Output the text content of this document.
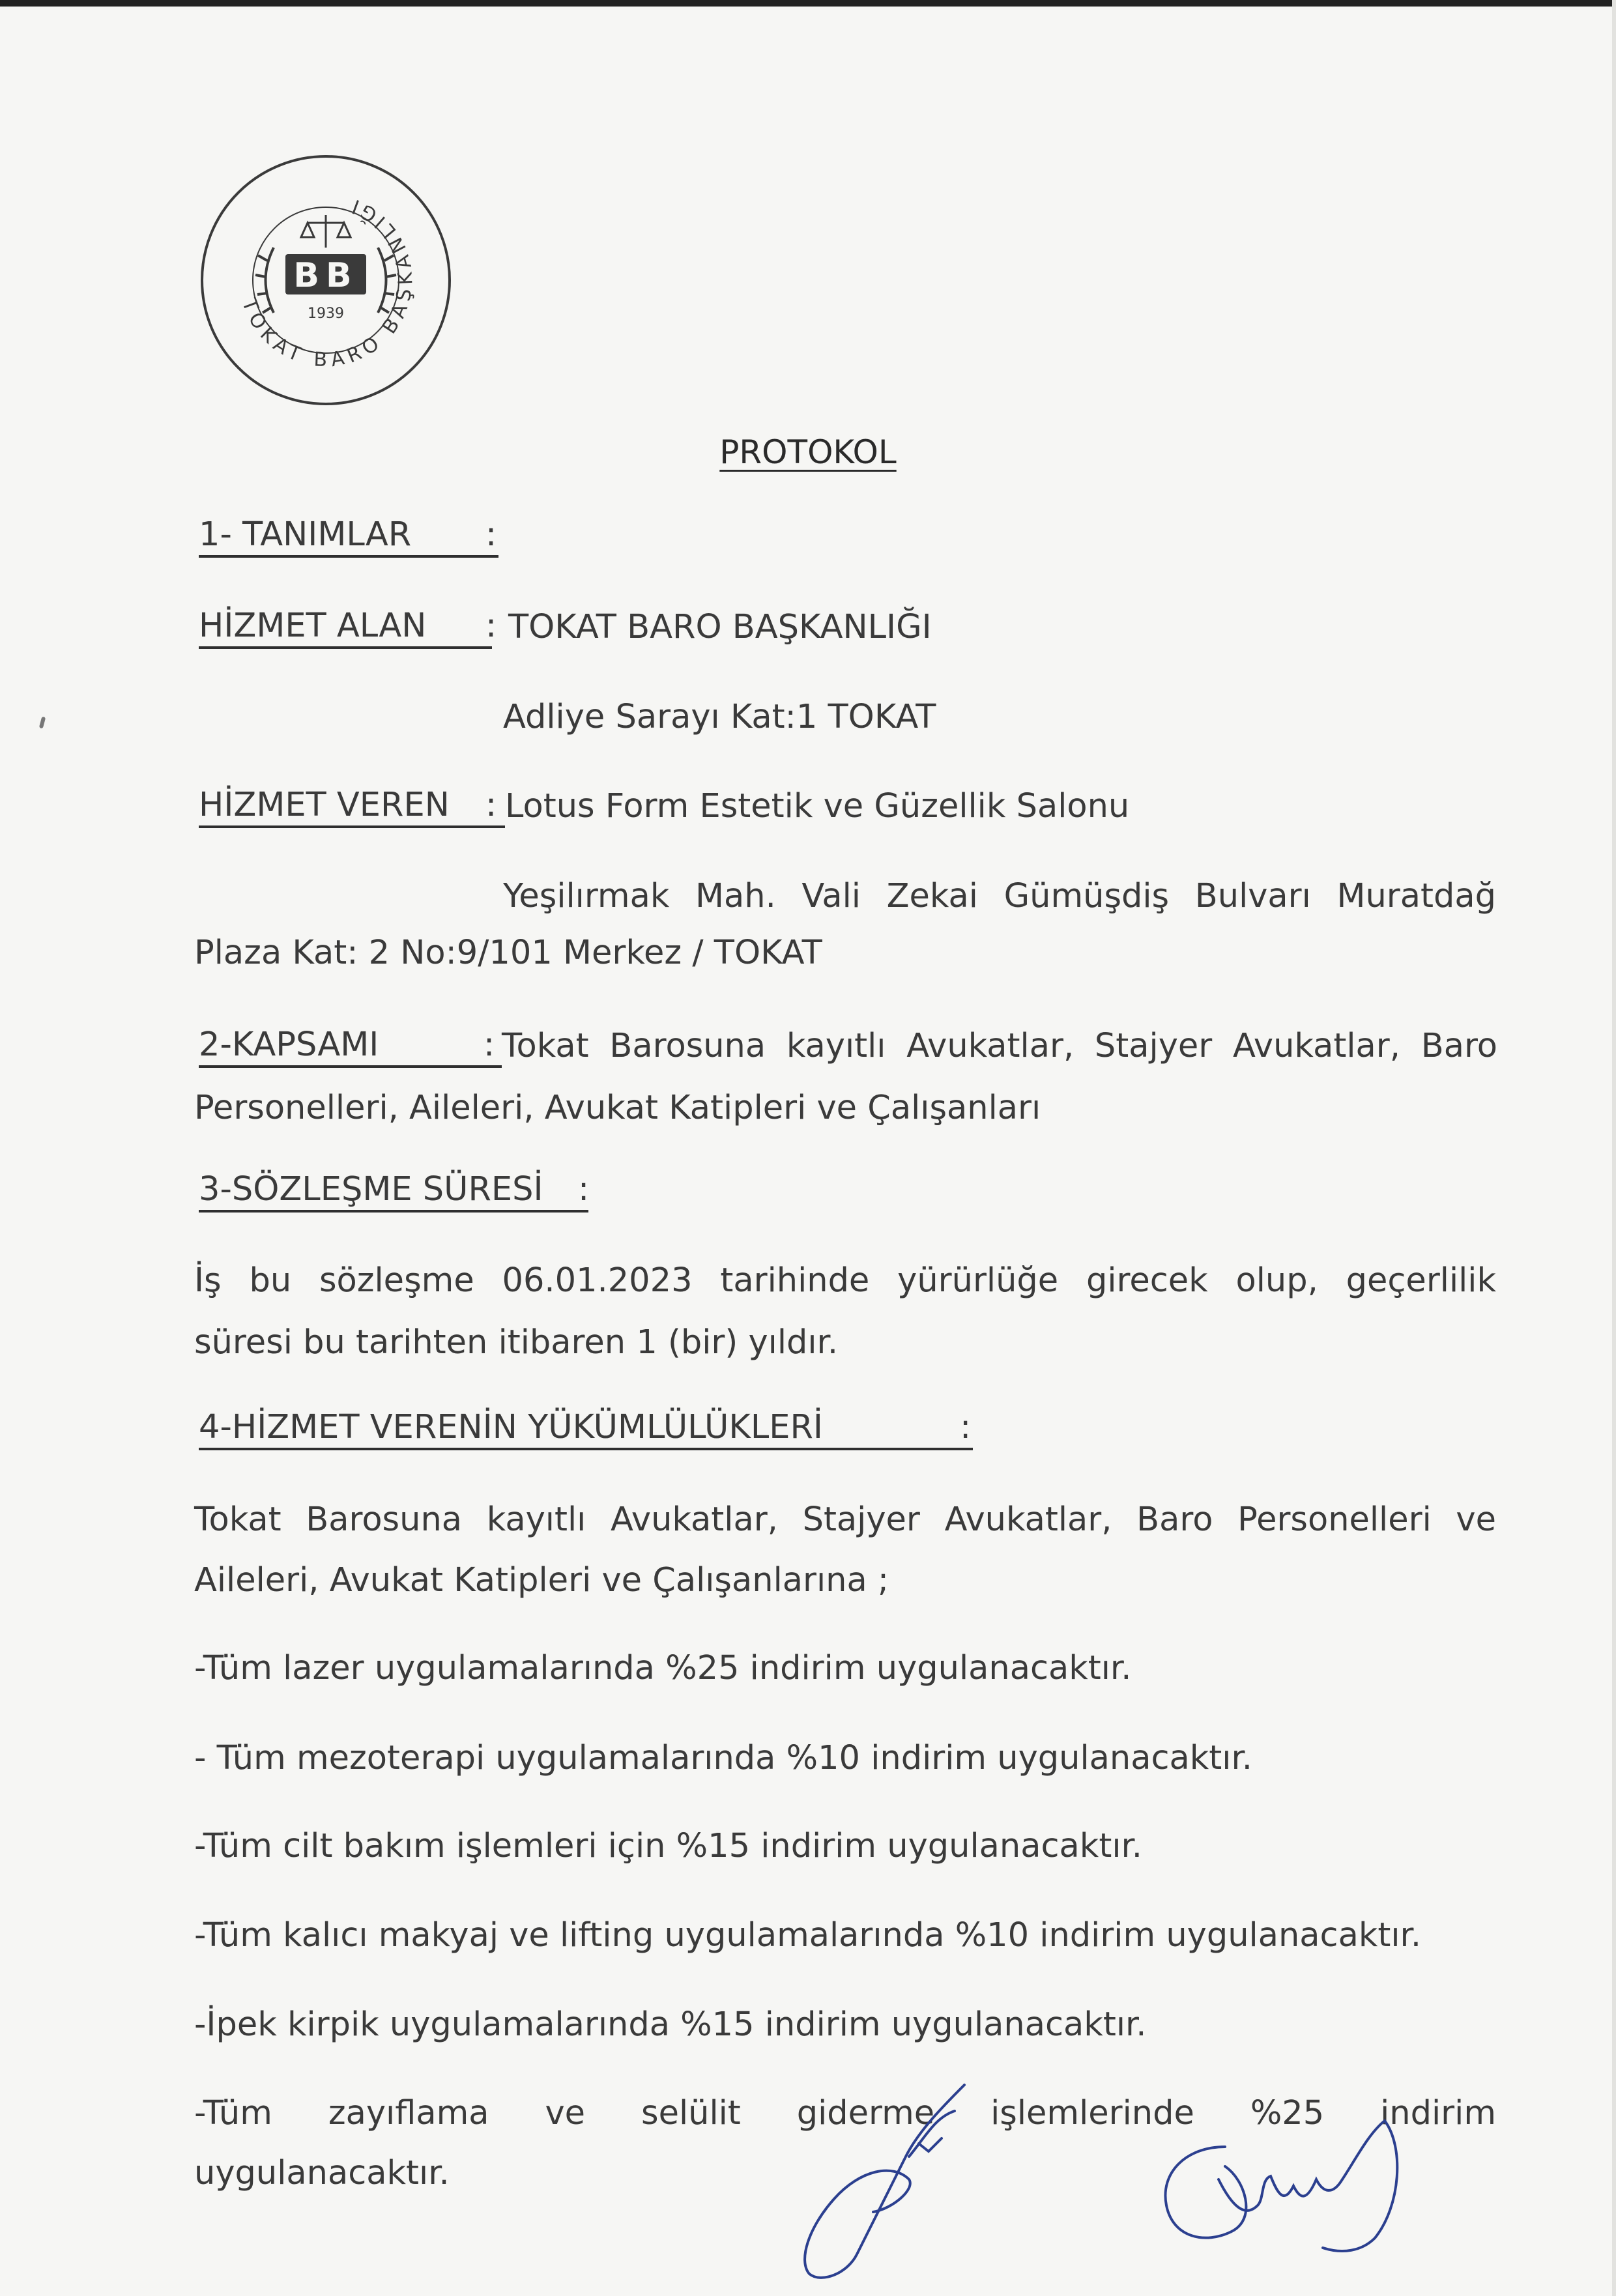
TOKAT BARO BAŞKANLIĞI
BB
1939
PROTOKOL
1- TANIMLAR :
HİZMET ALAN : TOKAT BARO BAŞKANLIĞI
Adliye Sarayı Kat:1 TOKAT
HİZMET VEREN : Lotus Form Estetik ve Güzellik Salonu
Yeşilırmak Mah. Vali Zekai Gümüşdiş Bulvarı Muratdağ
Plaza Kat: 2 No:9/101 Merkez / TOKAT
2-KAPSAMI	: Tokat Barosuna kayıtlı Avukatlar, Stajyer Avukatlar, Baro
Personelleri, Aileleri, Avukat Katipleri ve Çalışanları
3-SÖZLEŞME SÜRESİ :
İş bu sözleşme 06.01.2023 tarihinde yürürlüğe girecek olup, geçerlilik
süresi bu tarihten itibaren 1 (bir) yıldır.
4-HİZMET VERENİN YÜKÜMLÜLÜKLERİ	:
Tokat Barosuna kayıtlı Avukatlar, Stajyer Avukatlar, Baro Personelleri ve
Aileleri, Avukat Katipleri ve Çalışanlarına ;
-Tüm lazer uygulamalarında %25 indirim uygulanacaktır.
- Tüm mezoterapi uygulamalarında %10 indirim uygulanacaktır.
-Tüm cilt bakım işlemleri için %15 indirim uygulanacaktır.
-Tüm kalıcı makyaj ve lifting uygulamalarında %10 indirim uygulanacaktır.
-İpek kirpik uygulamalarında %15 indirim uygulanacaktır.
-Tüm zayıflama ve selülit giderme işlemlerinde %25 indirim
uygulanacaktır.
